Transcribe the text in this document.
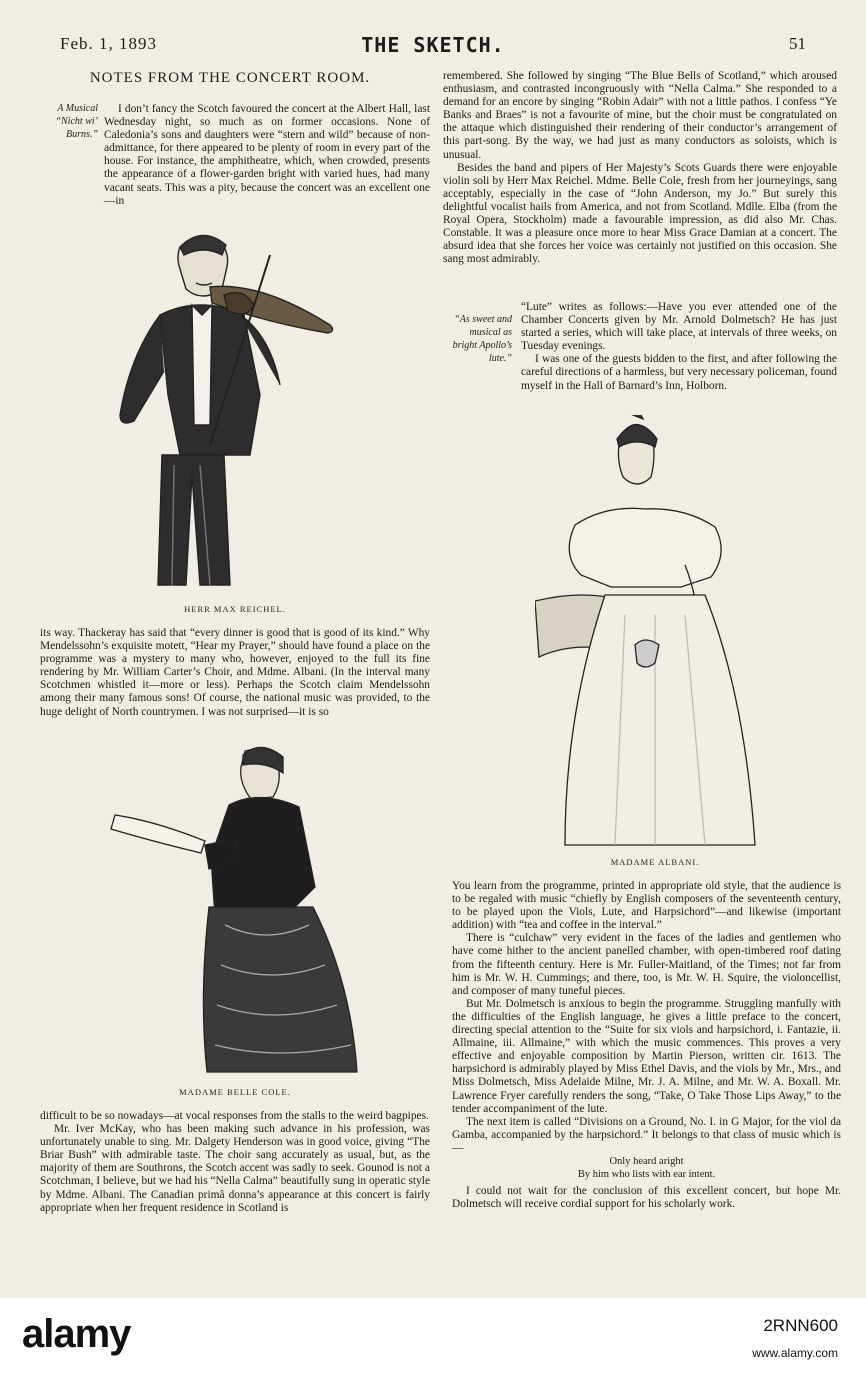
Feb. 1, 1893	THE SKETCH.	51
NOTES FROM THE CONCERT ROOM.
A Musical
“Nicht wi’
Burns.”

I don’t fancy the Scotch favoured the concert at the Albert Hall, last Wednesday night, so much as on former occasions. None of Caledonia’s sons and daughters were “stern and wild” because of non-admittance, for there appeared to be plenty of room in every part of the house. For instance, the amphitheatre, which, when crowded, presents the appearance of a flower-garden bright with varied hues, had many vacant seats. This was a pity, because the concert was an excellent one—in

HERR MAX REICHEL.

its way. Thackeray has said that “every dinner is good that is good of its kind.” Why Mendelssohn’s exquisite motett, “Hear my Prayer,” should have found a place on the programme was a mystery to many who, however, enjoyed to the full its fine rendering by Mr. William Carter’s Choir, and Mdme. Albani. (In the interval many Scotchmen whistled it—more or less). Perhaps the Scotch claim Mendelssohn among their many famous sons! Of course, the national music was provided, to the huge delight of North countrymen. I was not surprised—it is so

MADAME BELLE COLE.

difficult to be so nowadays—at vocal responses from the stalls to the weird bagpipes.

Mr. Iver McKay, who has been making such advance in his profession, was unfortunately unable to sing. Mr. Dalgety Henderson was in good voice, giving “The Briar Bush” with admirable taste. The choir sang accurately as usual, but, as the majority of them are Southrons, the Scotch accent was sadly to seek. Gounod is not a Scotchman, I believe, but we had his “Nella Calma” beautifully sung in operatic style by Mdme. Albani. The Canadian primâ donna’s appearance at this concert is fairly appropriate when her frequent residence in Scotland is

remembered. She followed by singing “The Blue Bells of Scotland,” which aroused enthusiasm, and contrasted incongruously with “Nella Calma.” She responded to a demand for an encore by singing “Robin Adair” with not a little pathos. I confess “Ye Banks and Braes” is not a favourite of mine, but the choir must be congratulated on the attaque which distinguished their rendering of their conductor’s arrangement of this part-song. By the way, we had just as many conductors as soloists, which is unusual.

Besides the band and pipers of Her Majesty’s Scots Guards there were enjoyable violin soli by Herr Max Reichel. Mdme. Belle Cole, fresh from her journeyings, sang acceptably, especially in the case of “John Anderson, my Jo.” But surely this delightful vocalist hails from America, and not from Scotland. Mdlle. Elba (from the Royal Opera, Stockholm) made a favourable impression, as did also Mr. Chas. Constable. It was a pleasure once more to hear Miss Grace Damian at a concert. The absurd idea that she forces her voice was certainly not justified on this occasion. She sang most admirably.

“As sweet and
musical as
bright Apollo’s
lute.”

“Lute” writes as follows:—Have you ever attended one of the Chamber Concerts given by Mr. Arnold Dolmetsch? He has just started a series, which will take place, at intervals of three weeks, on Tuesday evenings.

I was one of the guests bidden to the first, and after following the careful directions of a harmless, but very necessary policeman, found myself in the Hall of Barnard’s Inn, Holborn.

MADAME ALBANI.

You learn from the programme, printed in appropriate old style, that the audience is to be regaled with music “chiefly by English composers of the seventeenth century, to be played upon the Viols, Lute, and Harpsichord”—and likewise (important addition) with “tea and coffee in the interval.”

There is “culchaw” very evident in the faces of the ladies and gentlemen who have come hither to the ancient panelled chamber, with open-timbered roof dating from the fifteenth century. Here is Mr. Fuller-Maitland, of the Times; not far from him is Mr. W. H. Cummings; and there, too, is Mr. W. H. Squire, the violoncellist, and composer of many tuneful pieces.

But Mr. Dolmetsch is anxious to begin the programme. Struggling manfully with the difficulties of the English language, he gives a little preface to the concert, directing special attention to the “Suite for six viols and harpsichord, i. Fantazie, ii. Allmaine, iii. Allmaine,” with which the music commences. This proves a very effective and enjoyable composition by Martin Pierson, written cir. 1613. The harpsichord is admirably played by Miss Ethel Davis, and the viols by Mr., Mrs., and Miss Dolmetsch, Miss Adelaide Milne, Mr. J. A. Milne, and Mr. W. A. Boxall. Mr. Lawrence Fryer carefully renders the song, “Take, O Take Those Lips Away,” to the tender accompaniment of the lute.

The next item is called “Divisions on a Ground, No. I. in G Major, for the viol da Gamba, accompanied by the harpsichord.” It belongs to that class of music which is—

Only heard aright

By him who lists with ear intent.

I could not wait for the conclusion of this excellent concert, but hope Mr. Dolmetsch will receive cordial support for his scholarly work.

alamy	2RNN600
www.alamy.com
